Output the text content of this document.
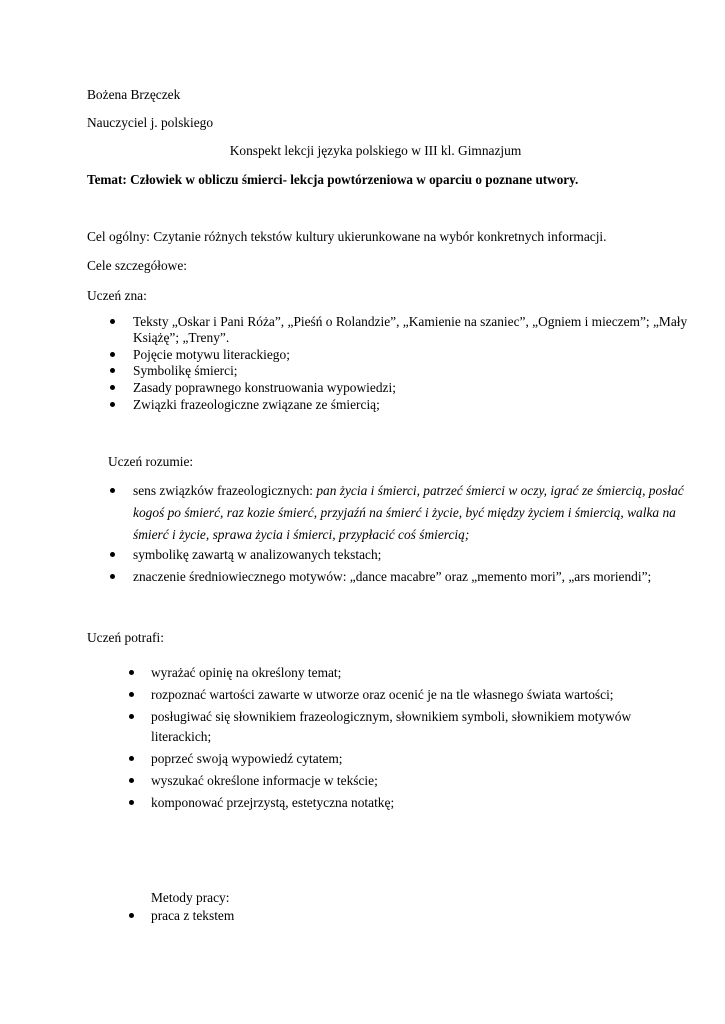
Bożena Brzęczek
Nauczyciel j. polskiego
Konspekt lekcji języka polskiego w III kl. Gimnazjum
Temat: Człowiek w obliczu śmierci- lekcja powtórzeniowa w oparciu o poznane utwory.
Cel ogólny: Czytanie różnych tekstów kultury ukierunkowane na wybór konkretnych informacji.
Cele szczegółowe:
Uczeń zna:
Teksty „Oskar i Pani Róża”, „Pieśń o Rolandzie”, „Kamienie na szaniec”, „Ogniem i mieczem”; „Mały
Książę”; „Treny”.
Pojęcie motywu literackiego;
Symbolikę śmierci;
Zasady poprawnego konstruowania wypowiedzi;
Związki frazeologiczne związane ze śmiercią;
Uczeń rozumie:
sens związków frazeologicznych: pan życia i śmierci, patrzeć śmierci w oczy, igrać ze śmiercią, posłać
kogoś po śmierć, raz kozie śmierć, przyjaźń na śmierć i życie, być między życiem i śmiercią, walka na
śmierć i życie, sprawa życia i śmierci, przypłacić coś śmiercią;
symbolikę zawartą w analizowanych tekstach;
znaczenie średniowiecznego motywów: „dance macabre” oraz „memento mori”, „ars moriendi”;
Uczeń potrafi:
wyrażać opinię na określony temat;
rozpoznać wartości zawarte w utworze oraz ocenić je na tle własnego świata wartości;
posługiwać się słownikiem frazeologicznym, słownikiem symboli, słownikiem motywów
literackich;
poprzeć swoją wypowiedź cytatem;
wyszukać określone informacje w tekście;
komponować przejrzystą, estetyczna notatkę;
Metody pracy:
praca z tekstem
